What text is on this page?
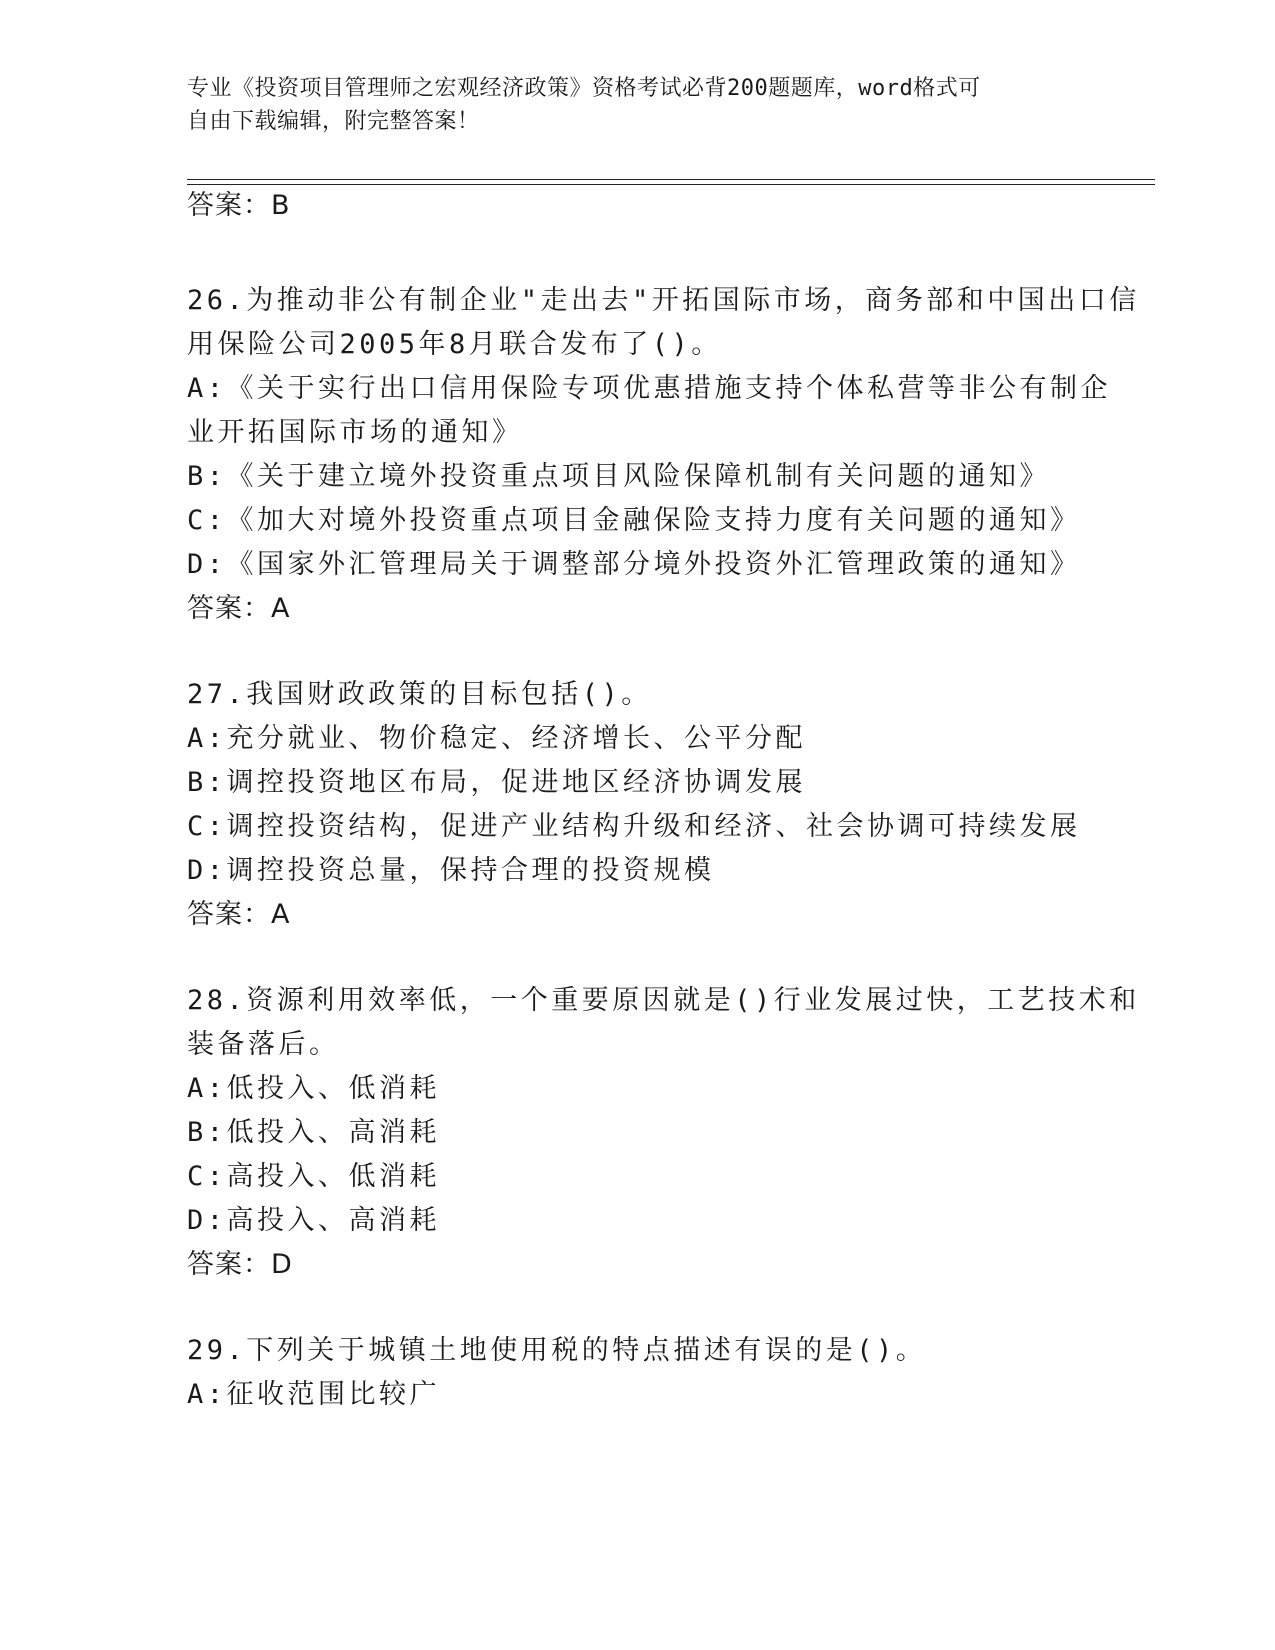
专业《投资项目管理师之宏观经济政策》资格考试必背200题题库，word格式可
自由下载编辑，附完整答案！
答案：B
26.为推动非公有制企业"走出去"开拓国际市场，商务部和中国出口信
用保险公司2005年8月联合发布了()。
A:《关于实行出口信用保险专项优惠措施支持个体私营等非公有制企
业开拓国际市场的通知》
B:《关于建立境外投资重点项目风险保障机制有关问题的通知》
C:《加大对境外投资重点项目金融保险支持力度有关问题的通知》
D:《国家外汇管理局关于调整部分境外投资外汇管理政策的通知》
答案：A
27.我国财政政策的目标包括()。
A:充分就业、物价稳定、经济增长、公平分配
B:调控投资地区布局，促进地区经济协调发展
C:调控投资结构，促进产业结构升级和经济、社会协调可持续发展
D:调控投资总量，保持合理的投资规模
答案：A
28.资源利用效率低，一个重要原因就是()行业发展过快，工艺技术和
装备落后。
A:低投入、低消耗
B:低投入、高消耗
C:高投入、低消耗
D:高投入、高消耗
答案：D
29.下列关于城镇土地使用税的特点描述有误的是()。
A:征收范围比较广
